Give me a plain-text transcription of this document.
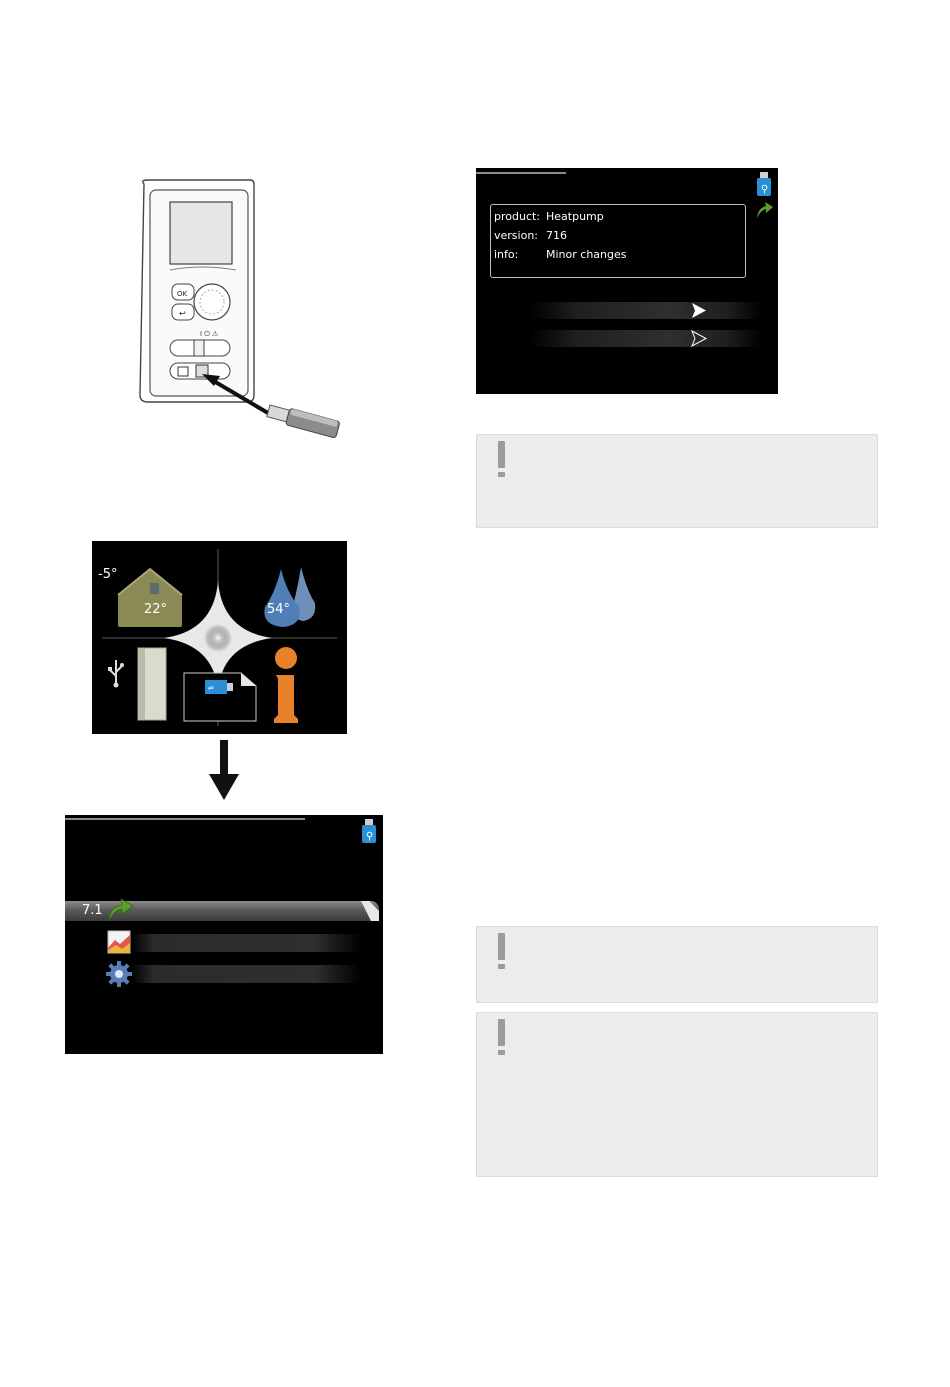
OK
↩
I ⏻ ⚠
⚲
product: Heatpump
version: 716
info:	Minor changes
-5°
22°	54°
⇌
⚲
7.1
